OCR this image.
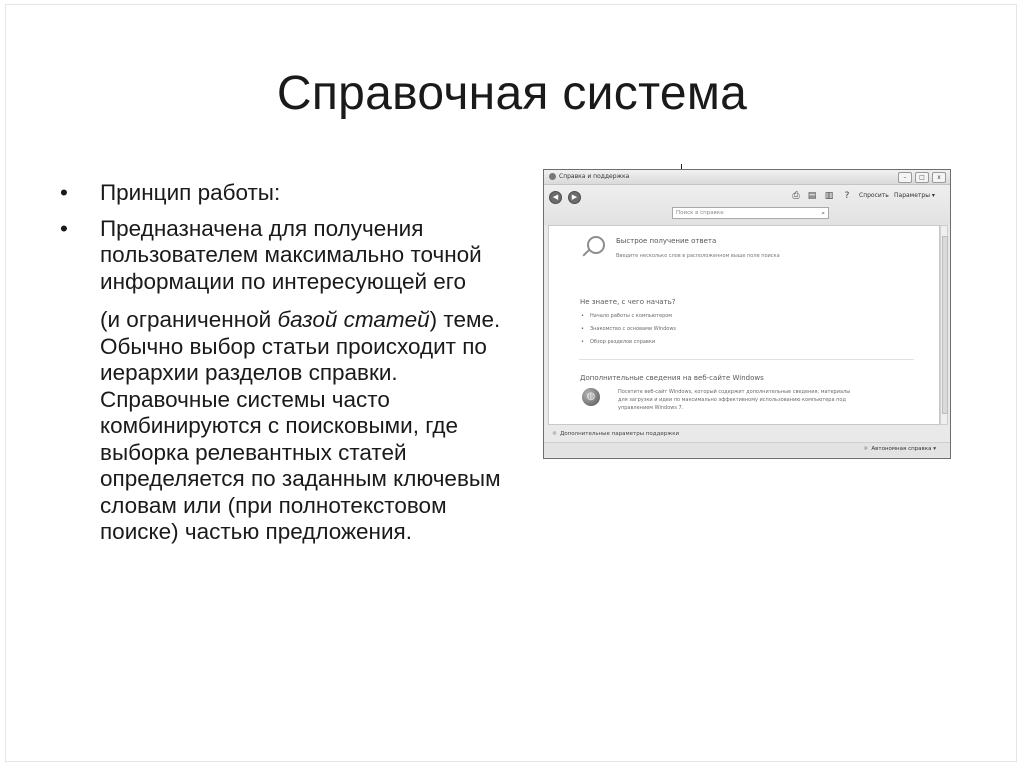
Справочная система
• Принцип работы:
• Предназначена для получения пользователем максимально точной информации по интересующей его
(и ограниченной базой статей) теме. Обычно выбор статьи происходит по иерархии разделов справки. Справочные системы часто комбинируются с поисковыми, где выборка релевантных статей определяется по заданным ключевым словам или (при полнотекстовом поиске) частью предложения.
Справка и поддержка	–	□	x
◀	▶	⎙ ▤ ▥	?	Спросить Параметры ▾
Поиск в справке	⌕
Быстрое получение ответа
Введите несколько слов в расположенном выше поле поиска
Не знаете, с чего начать?
• Начало работы с компьютером
• Знакомство с основами Windows
• Обзор разделов справки
Дополнительные сведения на веб-сайте Windows
◍	Посетите веб-сайт Windows, который содержит дополнительные сведения, материалы
для загрузки и идеи по максимально эффективному использованию компьютера под
управлением Windows 7.
☼ Дополнительные параметры поддержки
☼ Автономная справка ▾
